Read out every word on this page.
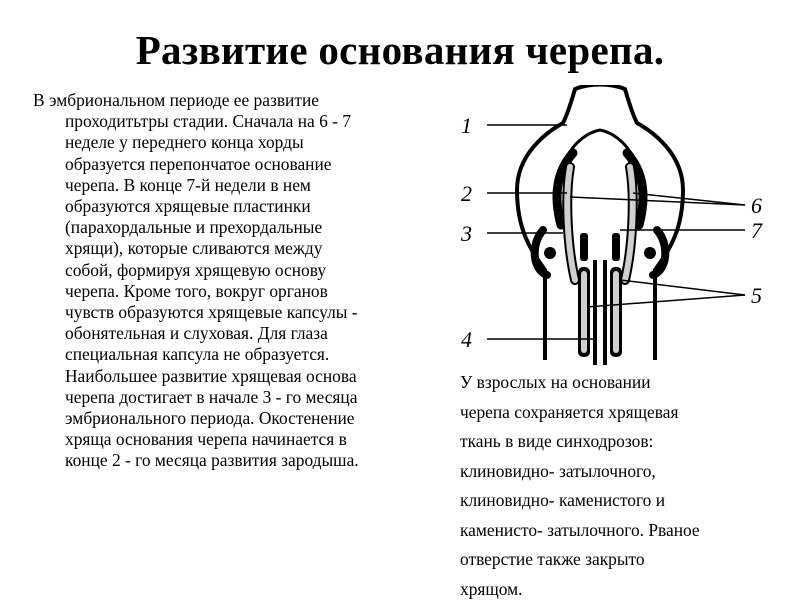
Развитие основания черепа.
В эмбриональном периоде ее развитие
проходитьтры стадии. Сначала на 6 - 7
неделе у переднего конца хорды
образуется перепончатое основание
черепа. В конце 7-й недели в нем
образуются хрящевые пластинки
(парахордальные и прехордальные
хрящи), которые сливаются между
собой, формируя хрящевую основу
черепа. Кроме того, вокруг органов
чувств образуются хрящевые капсулы -
обонятельная и слуховая. Для глаза
специальная капсула не образуется.
Наибольшее развитие хрящевая основа
черепа достигает в начале 3 - го месяца
эмбрионального периода. Окостенение
хряща основания черепа начинается в
конце 2 - го месяца развития зародыша.
1
2
3
4
6
7
5
У взрослых на основании
черепа сохраняется хрящевая
ткань в виде синходрозов:
клиновидно- затылочного,
клиновидно- каменистого и
каменисто- затылочного. Рваное
отверстие также закрыто
хрящом.
